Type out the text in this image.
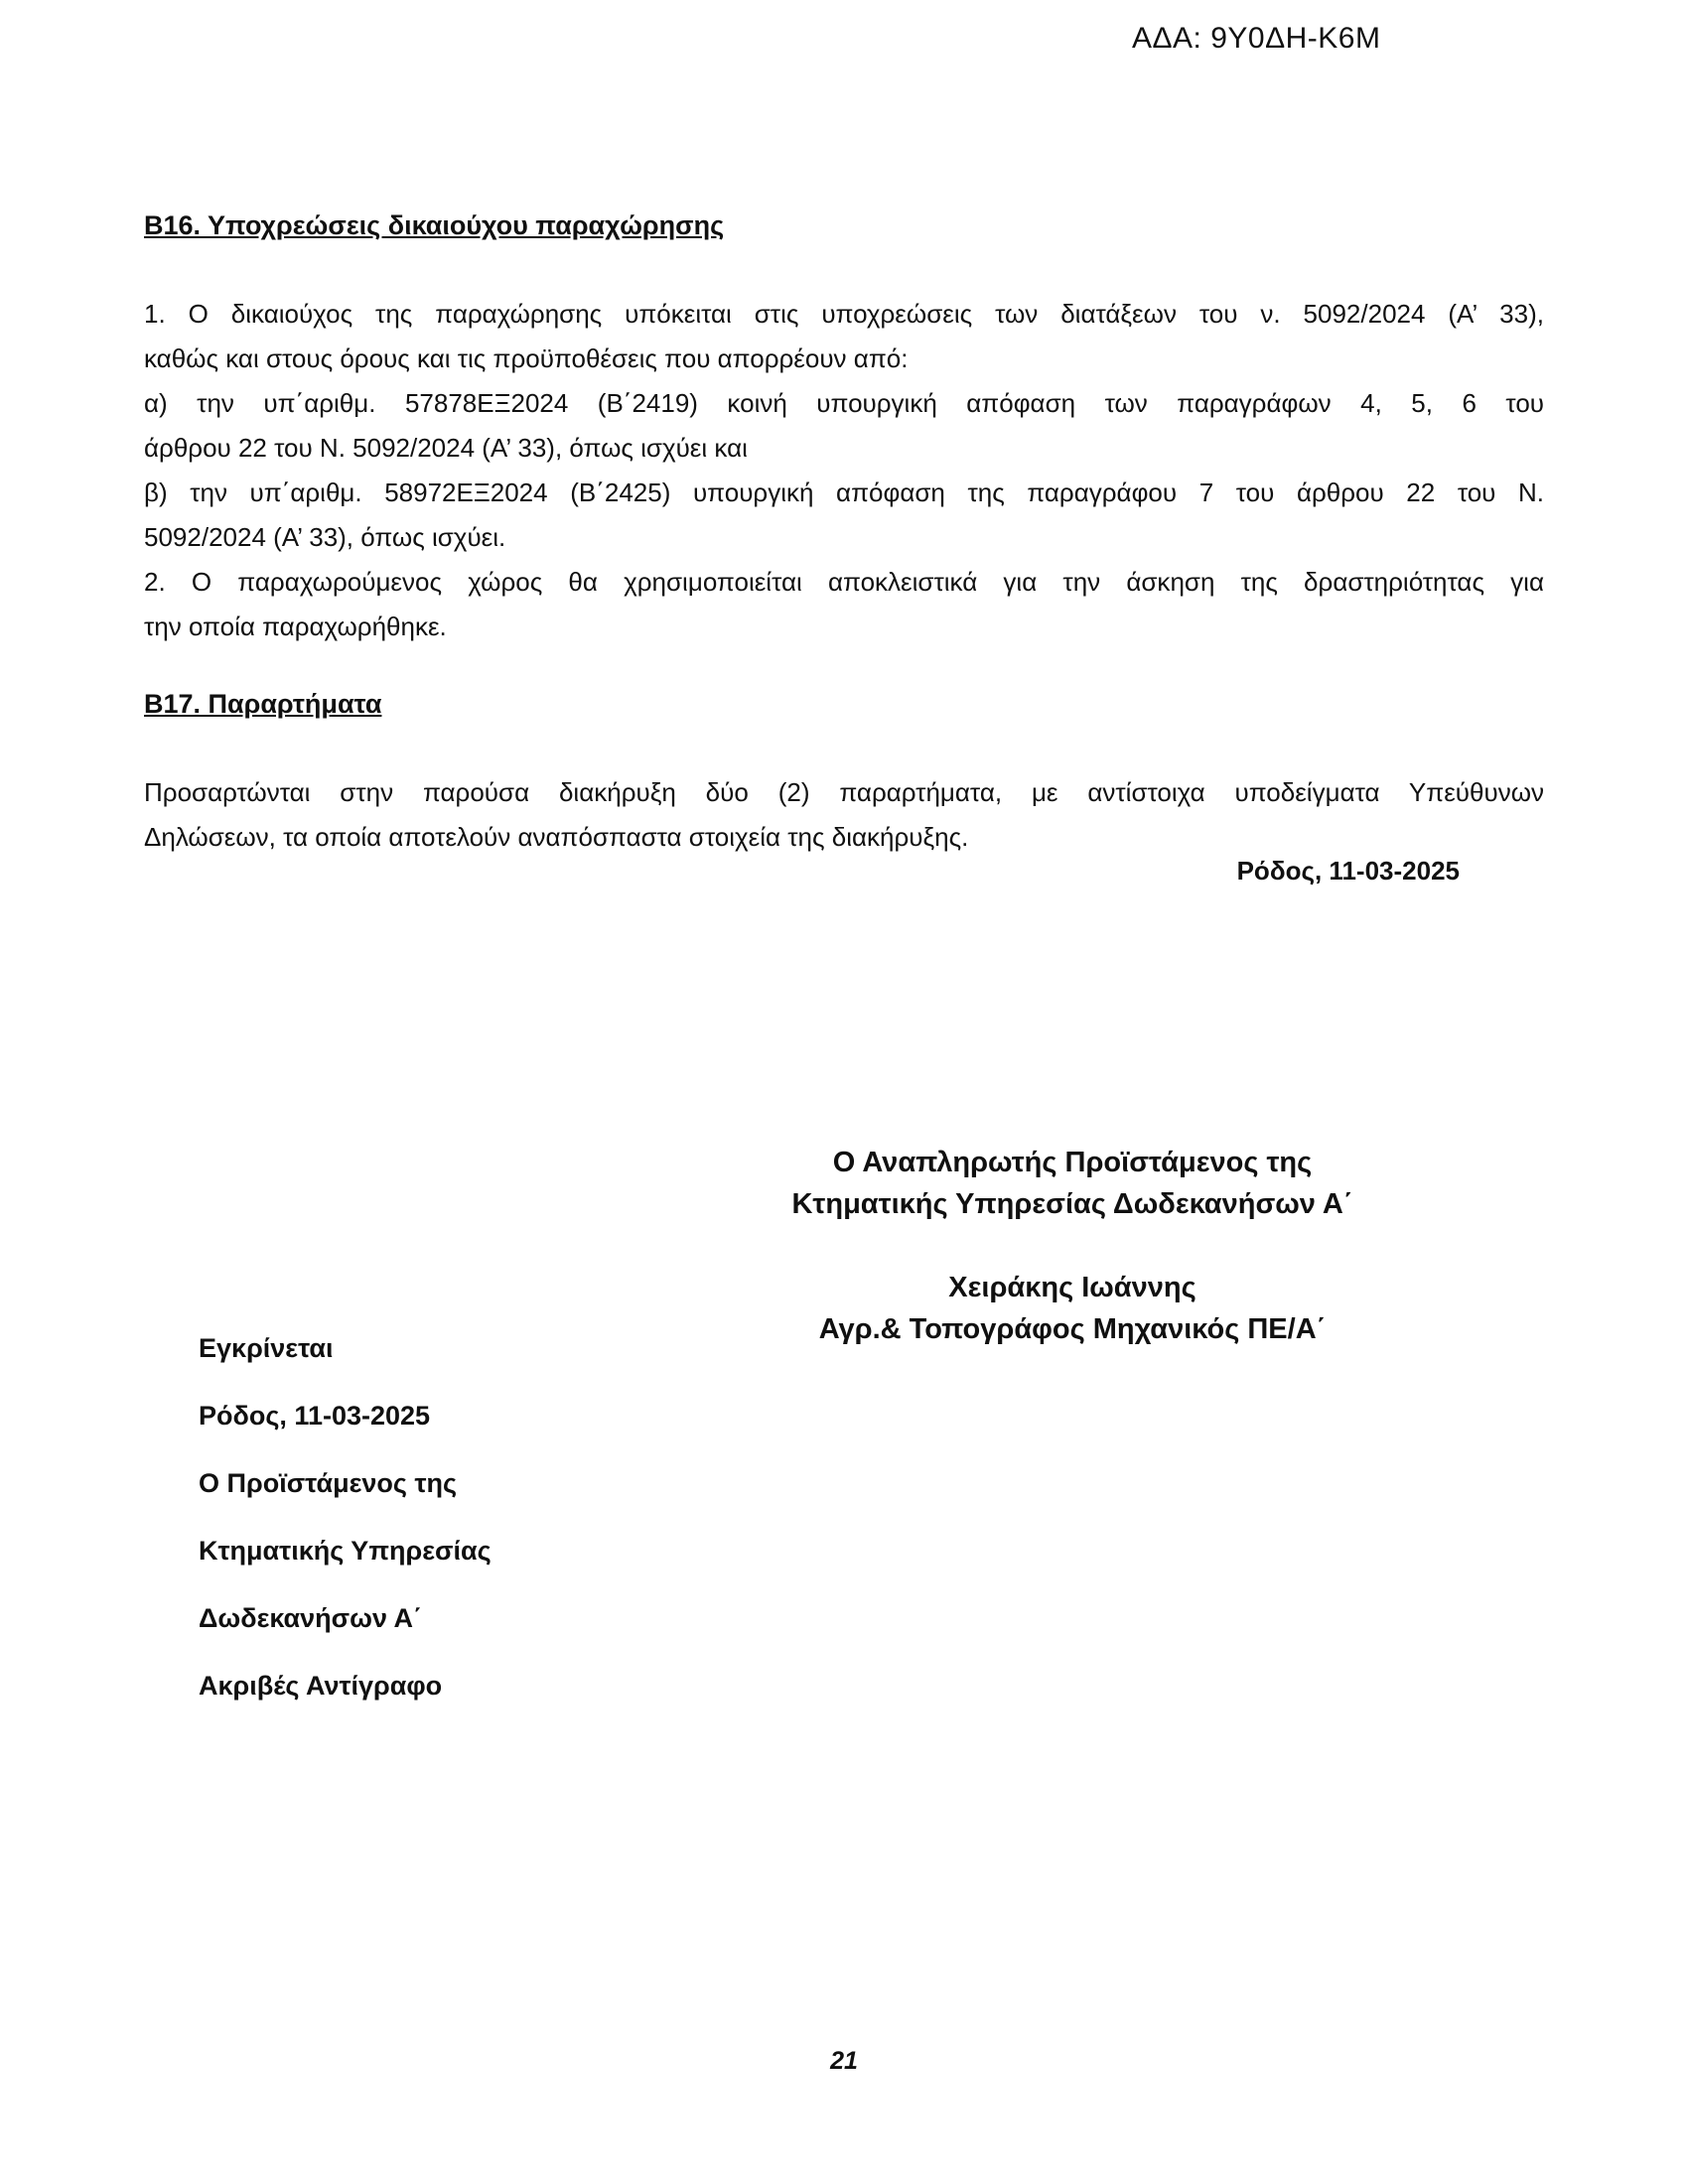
ΑΔΑ: 9Υ0ΔΗ-Κ6Μ
Β16. Υποχρεώσεις δικαιούχου παραχώρησης
1. Ο δικαιούχος της παραχώρησης υπόκειται στις υποχρεώσεις των διατάξεων του ν. 5092/2024 (Α’ 33),
καθώς και στους όρους και τις προϋποθέσεις που απορρέουν από:
α) την υπ΄αριθμ. 57878ΕΞ2024 (Β΄2419) κοινή υπουργική απόφαση των παραγράφων 4, 5, 6 του
άρθρου 22 του Ν. 5092/2024 (Α’ 33), όπως ισχύει και
β) την υπ΄αριθμ. 58972ΕΞ2024 (Β΄2425) υπουργική απόφαση της παραγράφου 7 του άρθρου 22 του Ν.
5092/2024 (Α’ 33), όπως ισχύει.
2. Ο παραχωρούμενος χώρος θα χρησιμοποιείται αποκλειστικά για την άσκηση της δραστηριότητας για
την οποία παραχωρήθηκε.
Β17. Παραρτήματα
Προσαρτώνται στην παρούσα διακήρυξη δύο (2) παραρτήματα, με αντίστοιχα υποδείγματα Υπεύθυνων
Δηλώσεων, τα οποία αποτελούν αναπόσπαστα στοιχεία της διακήρυξης.
Ρόδος, 11-03-2025
Ο Αναπληρωτής Προϊστάμενος της
Κτηματικής Υπηρεσίας Δωδεκανήσων Α΄
Χειράκης Ιωάννης
Αγρ.& Τοπογράφος Μηχανικός ΠΕ/Α΄
Εγκρίνεται
Ρόδος, 11-03-2025
Ο Προϊστάμενος της
Κτηματικής Υπηρεσίας
Δωδεκανήσων Α΄
Ακριβές Αντίγραφο
21
